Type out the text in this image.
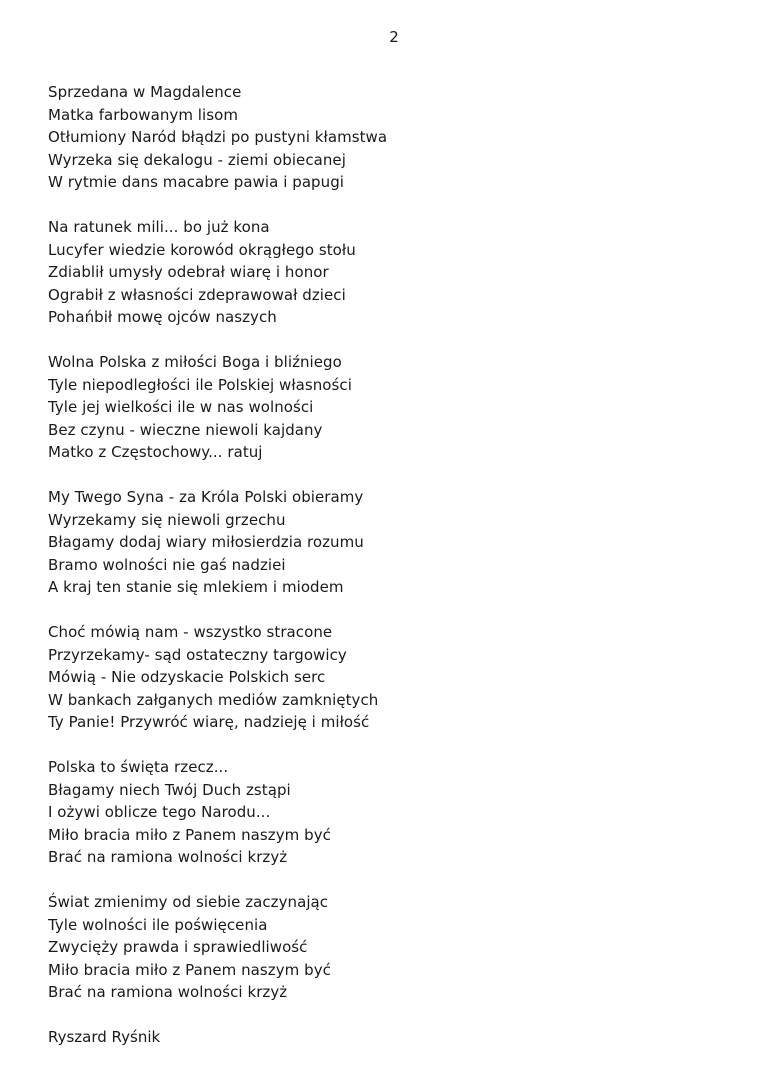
2
Sprzedana w Magdalence
Matka farbowanym lisom
Otłumiony Naród błądzi po pustyni kłamstwa
Wyrzeka się dekalogu - ziemi obiecanej
W rytmie dans macabre pawia i papugi
Na ratunek mili... bo już kona
Lucyfer wiedzie korowód okrągłego stołu
Zdiablił umysły odebrał wiarę i honor
Ograbił z własności zdeprawował dzieci
Pohańbił mowę ojców naszych
Wolna Polska z miłości Boga i bliźniego
Tyle niepodległości ile Polskiej własności
Tyle jej wielkości ile w nas wolności
Bez czynu - wieczne niewoli kajdany
Matko z Częstochowy... ratuj
My Twego Syna - za Króla Polski obieramy
Wyrzekamy się niewoli grzechu
Błagamy dodaj wiary miłosierdzia rozumu
Bramo wolności nie gaś nadziei
A kraj ten stanie się mlekiem i miodem
Choć mówią nam - wszystko stracone
Przyrzekamy- sąd ostateczny targowicy
Mówią - Nie odzyskacie Polskich serc
W bankach załganych mediów zamkniętych
Ty Panie! Przywróć wiarę, nadzieję i miłość
Polska to święta rzecz...
Błagamy niech Twój Duch zstąpi
I ożywi oblicze tego Narodu...
Miło bracia miło z Panem naszym być
Brać na ramiona wolności krzyż
Świat zmienimy od siebie zaczynając
Tyle wolności ile poświęcenia
Zwycięży prawda i sprawiedliwość
Miło bracia miło z Panem naszym być
Brać na ramiona wolności krzyż
Ryszard Ryśnik
